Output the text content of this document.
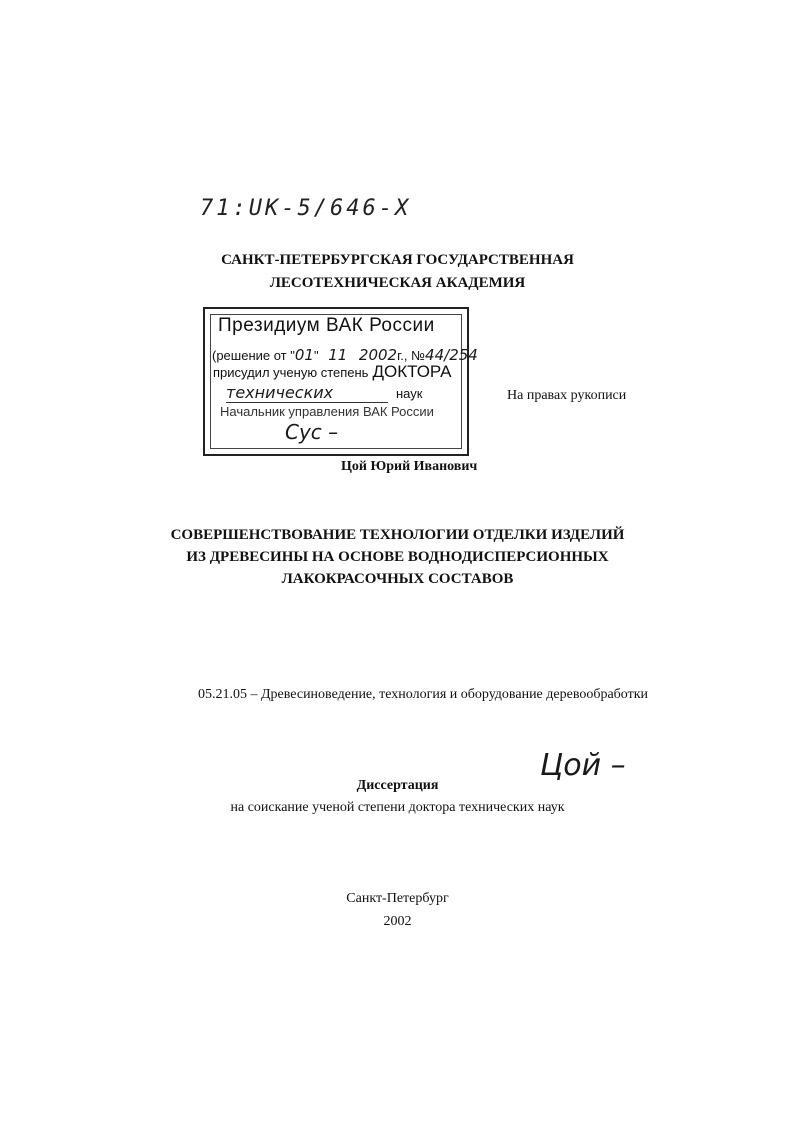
71:UK-5/646-X
САНКТ-ПЕТЕРБУРГСКАЯ ГОСУДАРСТВЕННАЯ
ЛЕСОТЕХНИЧЕСКАЯ АКАДЕМИЯ
Президиум ВАК России
(решение от "01" 11 2002г., №44/254
присудил ученую степень ДОКТОРА
технических	наук
Начальник управления ВАК России
Сус –
На правах рукописи
Цой Юрий Иванович
СОВЕРШЕНСТВОВАНИЕ ТЕХНОЛОГИИ ОТДЕЛКИ ИЗДЕЛИЙ
ИЗ ДРЕВЕСИНЫ НА ОСНОВЕ ВОДНОДИСПЕРСИОННЫХ
ЛАКОКРАСОЧНЫХ СОСТАВОВ
05.21.05 – Древесиноведение, технология и оборудование деревообработки
Цой –
Диссертация
на соискание ученой степени доктора технических наук
Санкт-Петербург
2002
